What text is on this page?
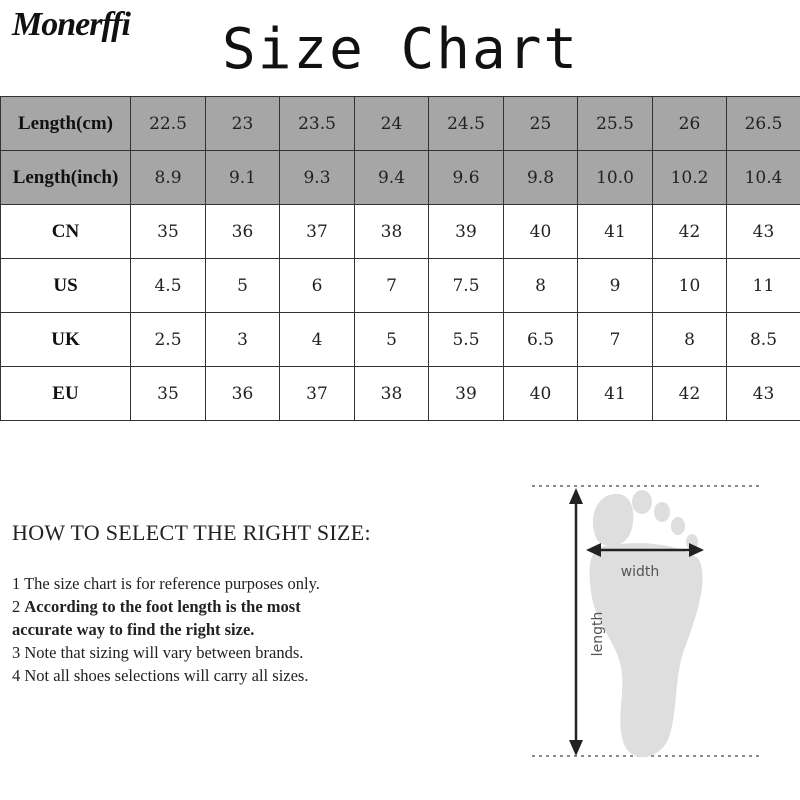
Monerffi Size Chart
Length(cm)	22.5	23	23.5	24	24.5	25	25.5	26	26.5
Length(inch)	8.9	9.1	9.3	9.4	9.6	9.8	10.0	10.2	10.4
CN	35	36	37	38	39	40	41	42	43
US	4.5	5	6	7	7.5	8	9	10	11
UK	2.5	3	4	5	5.5	6.5	7	8	8.5
EU	35	36	37	38	39	40	41	42	43
HOW TO SELECT THE RIGHT SIZE:
1 The size chart is for reference purposes only.
2 According to the foot length is the most
accurate way to find the right size.
3 Note that sizing will vary between brands.
4 Not all shoes selections will carry all sizes.
width
length
